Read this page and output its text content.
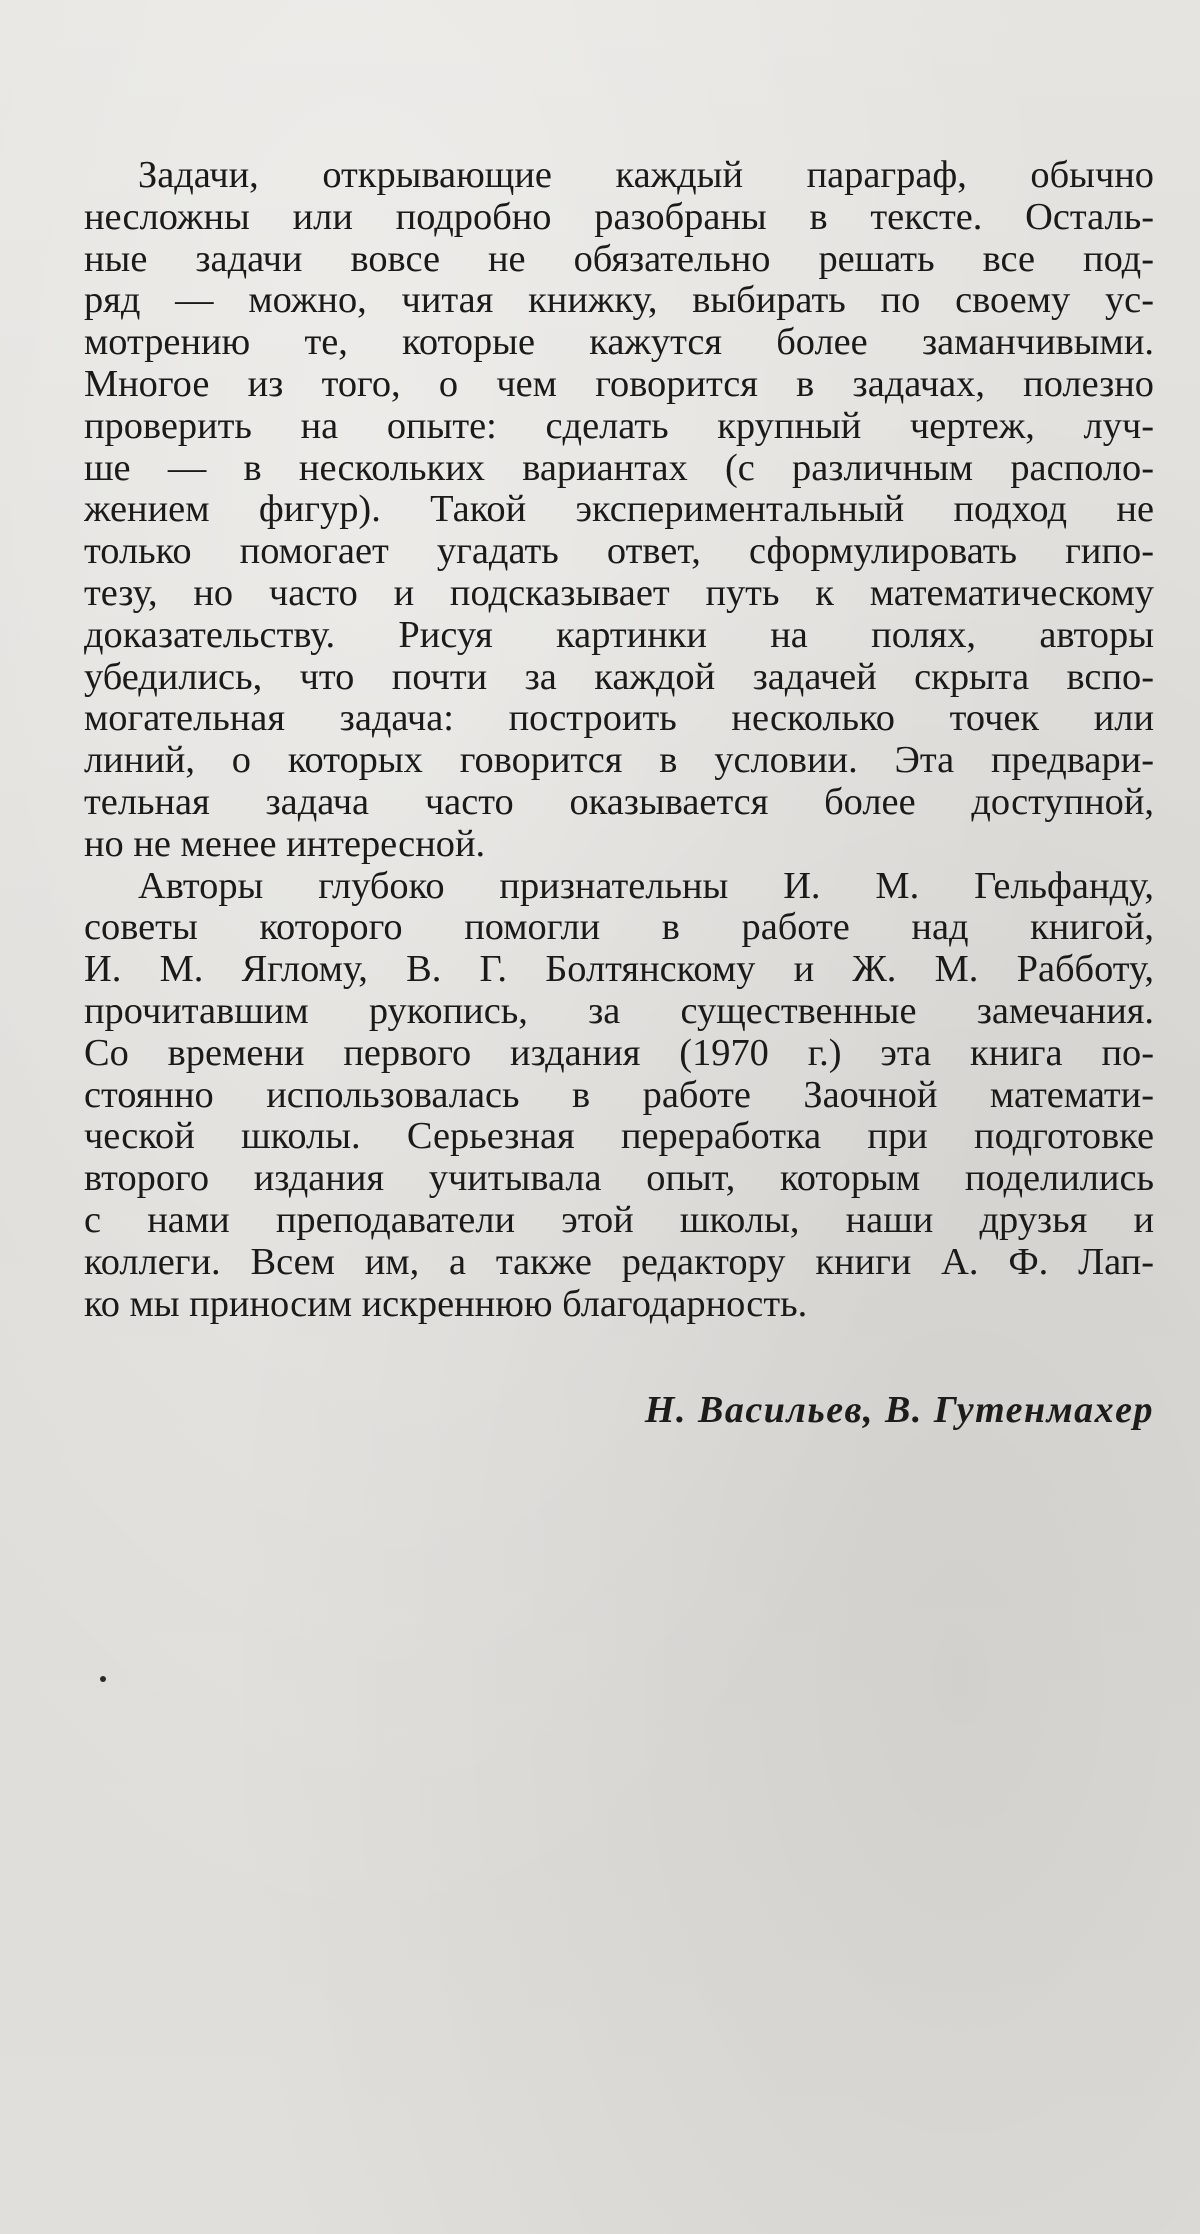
Задачи, открывающие каждый параграф, обычно
несложны или подробно разобраны в тексте. Осталь-
ные задачи вовсе не обязательно решать все под-
ряд — можно, читая книжку, выбирать по своему ус-
мотрению те, которые кажутся более заманчивыми.
Многое из того, о чем говорится в задачах, полезно
проверить на опыте: сделать крупный чертеж, луч-
ше — в нескольких вариантах (с различным располо-
жением фигур). Такой экспериментальный подход не
только помогает угадать ответ, сформулировать гипо-
тезу, но часто и подсказывает путь к математическому
доказательству. Рисуя картинки на полях, авторы
убедились, что почти за каждой задачей скрыта вспо-
могательная задача: построить несколько точек или
линий, о которых говорится в условии. Эта предвари-
тельная задача часто оказывается более доступной,
но не менее интересной.
Авторы глубоко признательны И. М. Гельфанду,
советы которого помогли в работе над книгой,
И. М. Яглому, В. Г. Болтянскому и Ж. М. Рабботу,
прочитавшим рукопись, за существенные замечания.
Со времени первого издания (1970 г.) эта книга по-
стоянно использовалась в работе Заочной математи-
ческой школы. Серьезная переработка при подготовке
второго издания учитывала опыт, которым поделились
с нами преподаватели этой школы, наши друзья и
коллеги. Всем им, а также редактору книги А. Ф. Лап-
ко мы приносим искреннюю благодарность.
Н. Васильев, В. Гутенмахер
